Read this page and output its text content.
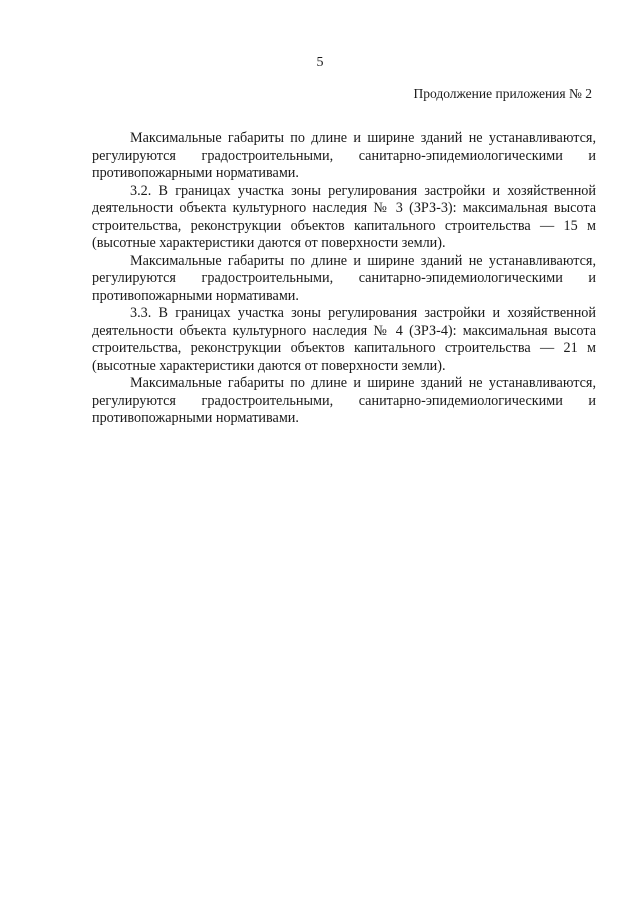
5
Продолжение приложения № 2

Максимальные габариты по длине и ширине зданий не устанавливаются, регулируются градостроительными, санитарно-эпидемиологическими и противопожарными нормативами.

3.2. В границах участка зоны регулирования застройки и хозяйственной деятельности объекта культурного наследия № 3 (ЗРЗ-3): максимальная высота строительства, реконструкции объектов капитального строительства — 15 м (высотные характеристики даются от поверхности земли).

Максимальные габариты по длине и ширине зданий не устанавливаются, регулируются градостроительными, санитарно-эпидемиологическими и противопожарными нормативами.

3.3. В границах участка зоны регулирования застройки и хозяйственной деятельности объекта культурного наследия № 4 (ЗРЗ-4): максимальная высота строительства, реконструкции объектов капитального строительства — 21 м (высотные характеристики даются от поверхности земли).

Максимальные габариты по длине и ширине зданий не устанавливаются, регулируются градостроительными, санитарно-эпидемиологическими и противопожарными нормативами.
